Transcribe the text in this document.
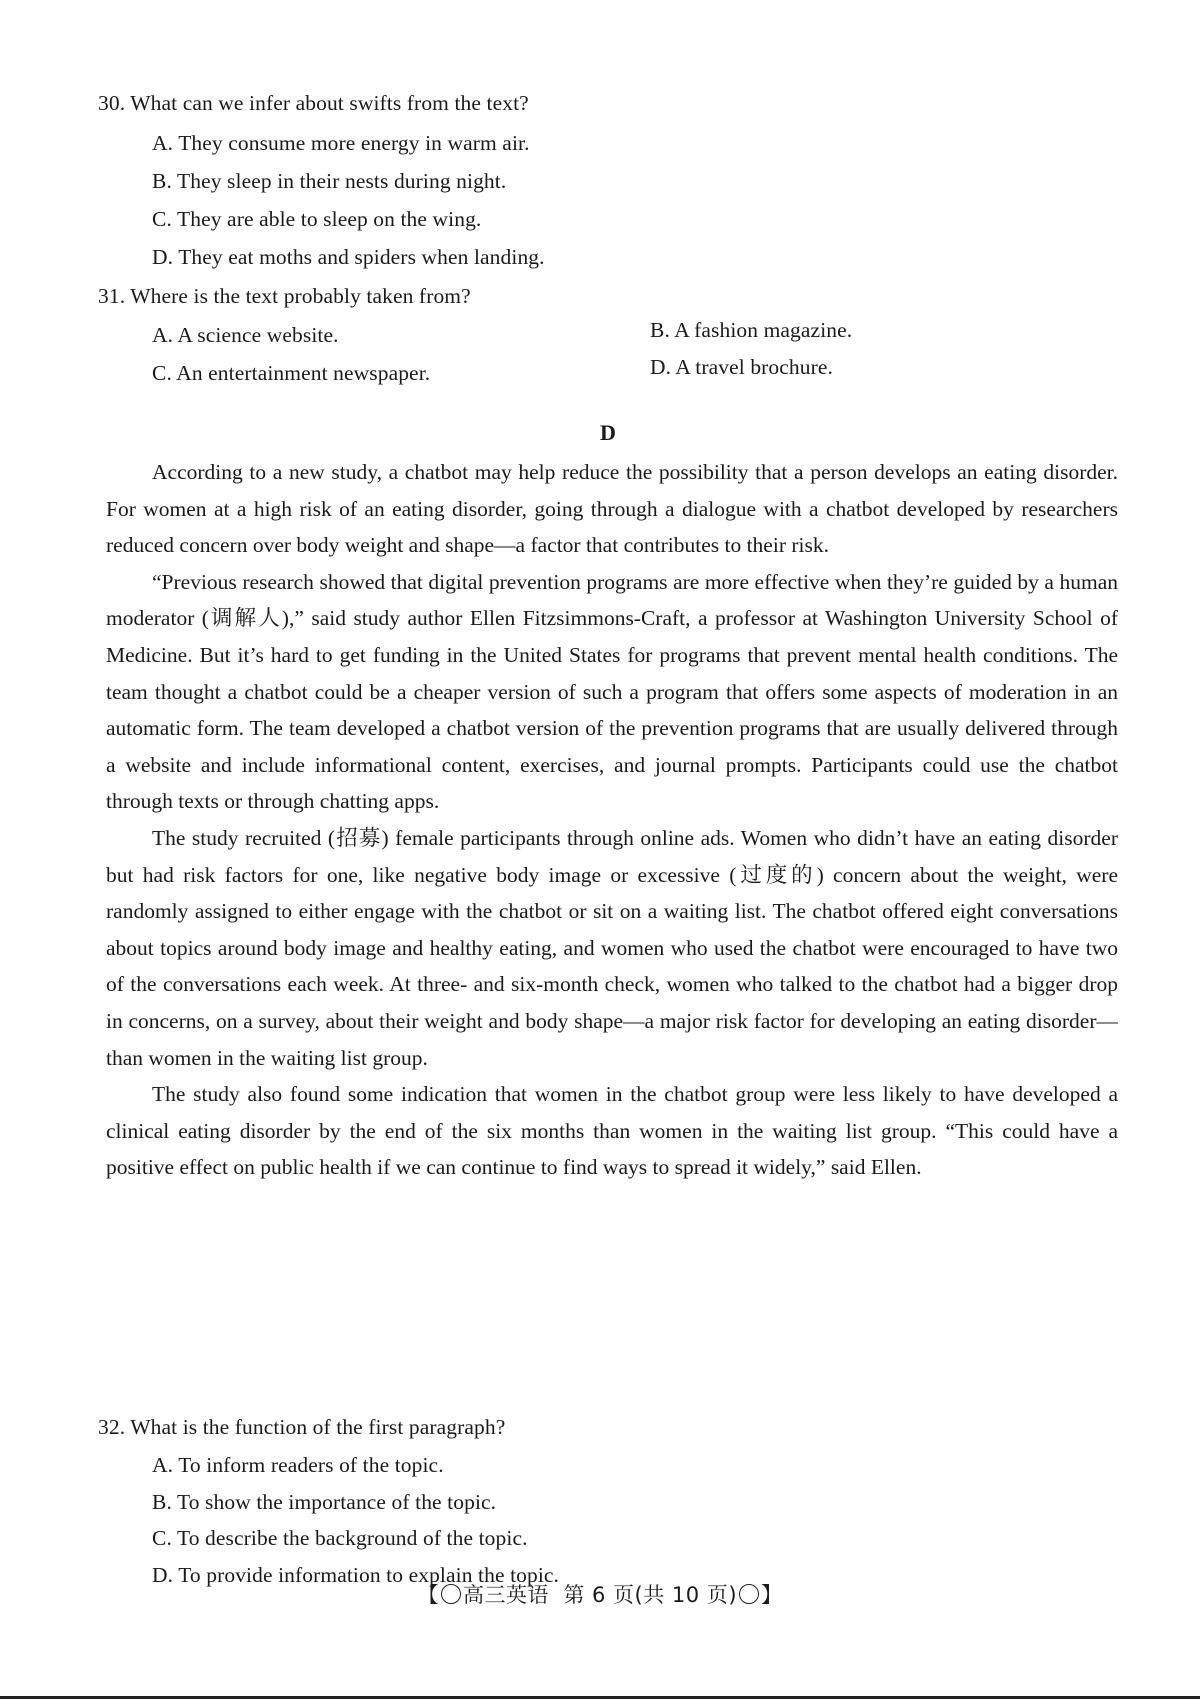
30. What can we infer about swifts from the text?
A. They consume more energy in warm air.
B. They sleep in their nests during night.
C. They are able to sleep on the wing.
D. They eat moths and spiders when landing.
31. Where is the text probably taken from?
A. A science website.	B. A fashion magazine.
C. An entertainment newspaper.	D. A travel brochure.
D

According to a new study, a chatbot may help reduce the possibility that a person develops an eating disorder. For women at a high risk of an eating disorder, going through a dialogue with a chatbot developed by researchers reduced concern over body weight and shape—a factor that contributes to their risk.

“Previous research showed that digital prevention programs are more effective when they’re guided by a human moderator (调解人),” said study author Ellen Fitzsimmons-Craft, a professor at Washington University School of Medicine. But it’s hard to get funding in the United States for programs that prevent mental health conditions. The team thought a chatbot could be a cheaper version of such a program that offers some aspects of moderation in an automatic form. The team developed a chatbot version of the prevention programs that are usually delivered through a website and include informational content, exercises, and journal prompts. Participants could use the chatbot through texts or through chatting apps.

The study recruited (招募) female participants through online ads. Women who didn’t have an eating disorder but had risk factors for one, like negative body image or excessive (过度的) concern about the weight, were randomly assigned to either engage with the chatbot or sit on a waiting list. The chatbot offered eight conversations about topics around body image and healthy eating, and women who used the chatbot were encouraged to have two of the conversations each week. At three- and six-month check, women who talked to the chatbot had a bigger drop in concerns, on a survey, about their weight and body shape—a major risk factor for developing an eating disorder—than women in the waiting list group.

The study also found some indication that women in the chatbot group were less likely to have developed a clinical eating disorder by the end of the six months than women in the waiting list group. “This could have a positive effect on public health if we can continue to find ways to spread it widely,” said Ellen.

32. What is the function of the first paragraph?
A. To inform readers of the topic.
B. To show the importance of the topic.
C. To describe the background of the topic.
D. To provide information to explain the topic.
【 高三英语 第 6 页(共 10 页) 】
